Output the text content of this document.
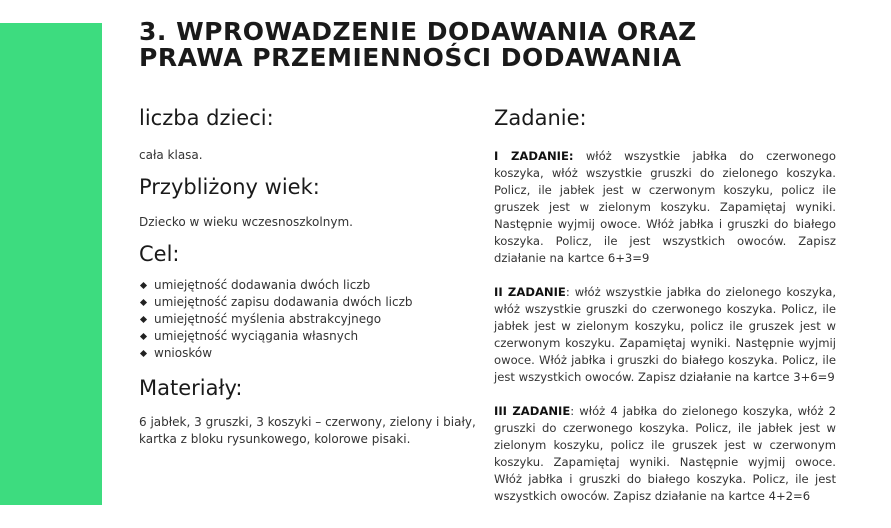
3. WPROWADZENIE DODAWANIA ORAZ
PRAWA PRZEMIENNOŚCI DODAWANIA
liczba dzieci:

cała klasa.

Przybliżony wiek:

Dziecko w wieku wczesnoszkolnym.

Cel:
umiejętność dodawania dwóch liczb
umiejętność zapisu dodawania dwóch liczb
umiejętność myślenia abstrakcyjnego
umiejętność wyciągania własnych
wniosków
Materiały:

6 jabłek, 3 gruszki, 3 koszyki – czerwony, zielony i biały, kartka z bloku rysunkowego, kolorowe pisaki.

Zadanie:

I ZADANIE: włóż wszystkie jabłka do czerwonego koszyka, włóż wszystkie gruszki do zielonego koszyka. Policz, ile jabłek jest w czerwonym koszyku, policz ile gruszek jest w zielonym koszyku. Zapamiętaj wyniki. Następnie wyjmij owoce. Włóż jabłka i gruszki do białego koszyka. Policz, ile jest wszystkich owoców. Zapisz działanie na kartce 6+3=9

II ZADANIE: włóż wszystkie jabłka do zielonego koszyka, włóż wszystkie gruszki do czerwonego koszyka. Policz, ile jabłek jest w zielonym koszyku, policz ile gruszek jest w czerwonym koszyku. Zapamiętaj wyniki. Następnie wyjmij owoce. Włóż jabłka i gruszki do białego koszyka. Policz, ile jest wszystkich owoców. Zapisz działanie na kartce 3+6=9

III ZADANIE: włóż 4 jabłka do zielonego koszyka, włóż 2 gruszki do czerwonego koszyka. Policz, ile jabłek jest w zielonym koszyku, policz ile gruszek jest w czerwonym koszyku. Zapamiętaj wyniki. Następnie wyjmij owoce. Włóż jabłka i gruszki do białego koszyka. Policz, ile jest wszystkich owoców. Zapisz działanie na kartce 4+2=6
